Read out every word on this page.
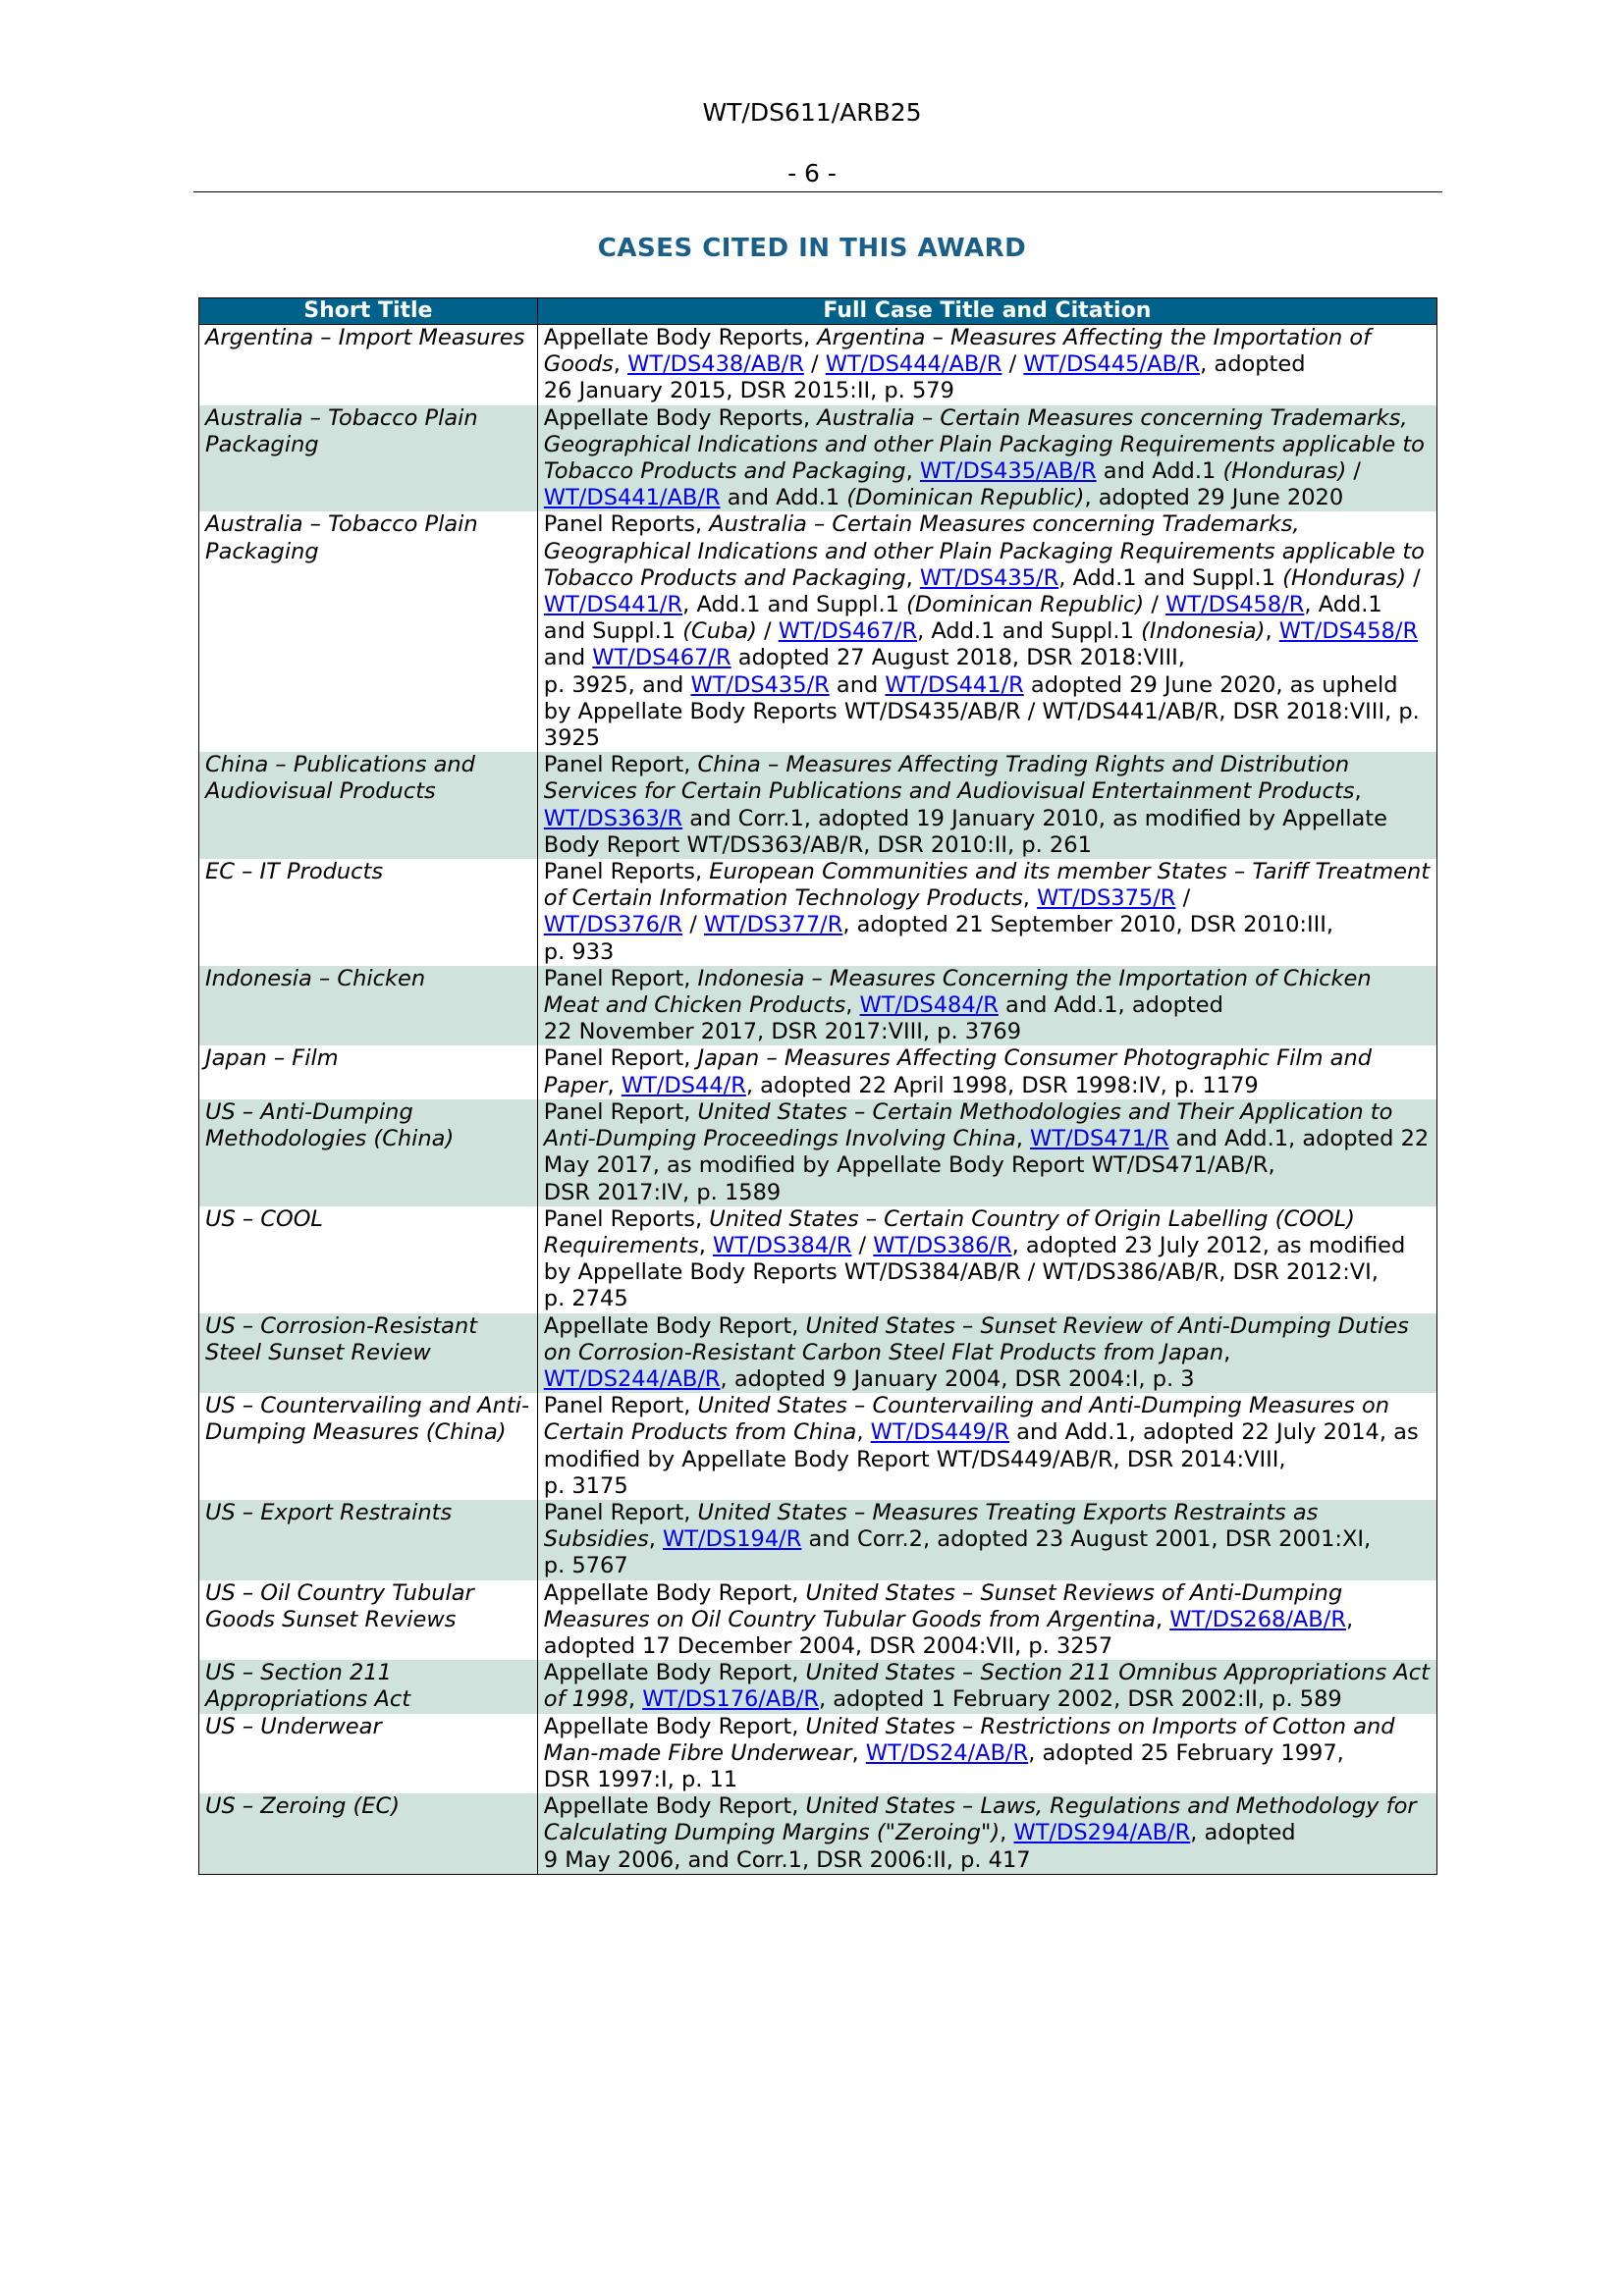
WT/DS611/ARB25
- 6 -
CASES CITED IN THIS AWARD
Short Title	Full Case Title and Citation
Argentina – Import Measures	Appellate Body Reports, Argentina – Measures Affecting the Importation of Goods, WT/DS438/AB/R / WT/DS444/AB/R / WT/DS445/AB/R, adopted
26 January 2015, DSR 2015:II, p. 579
Australia – Tobacco Plain Packaging	Appellate Body Reports, Australia – Certain Measures concerning Trademarks, Geographical Indications and other Plain Packaging Requirements applicable to Tobacco Products and Packaging, WT/DS435/AB/R and Add.1 (Honduras) / WT/DS441/AB/R and Add.1 (Dominican Republic), adopted 29 June 2020
Australia – Tobacco Plain Packaging	Panel Reports, Australia – Certain Measures concerning Trademarks, Geographical Indications and other Plain Packaging Requirements applicable to Tobacco Products and Packaging, WT/DS435/R, Add.1 and Suppl.1 (Honduras) / WT/DS441/R, Add.1 and Suppl.1 (Dominican Republic) / WT/DS458/R, Add.1 and Suppl.1 (Cuba) / WT/DS467/R, Add.1 and Suppl.1 (Indonesia), WT/DS458/R and WT/DS467/R adopted 27 August 2018, DSR 2018:VIII,
p. 3925, and WT/DS435/R and WT/DS441/R adopted 29 June 2020, as upheld by Appellate Body Reports WT/DS435/AB/R / WT/DS441/AB/R, DSR 2018:VIII, p. 3925
China – Publications and Audiovisual Products	Panel Report, China – Measures Affecting Trading Rights and Distribution Services for Certain Publications and Audiovisual Entertainment Products, WT/DS363/R and Corr.1, adopted 19 January 2010, as modified by Appellate Body Report WT/DS363/AB/R, DSR 2010:II, p. 261
EC – IT Products	Panel Reports, European Communities and its member States – Tariff Treatment of Certain Information Technology Products, WT/DS375/R /
WT/DS376/R / WT/DS377/R, adopted 21 September 2010, DSR 2010:III,
p. 933
Indonesia – Chicken	Panel Report, Indonesia – Measures Concerning the Importation of Chicken Meat and Chicken Products, WT/DS484/R and Add.1, adopted
22 November 2017, DSR 2017:VIII, p. 3769
Japan – Film	Panel Report, Japan – Measures Affecting Consumer Photographic Film and Paper, WT/DS44/R, adopted 22 April 1998, DSR 1998:IV, p. 1179
US – Anti-Dumping Methodologies (China)	Panel Report, United States – Certain Methodologies and Their Application to Anti-Dumping Proceedings Involving China, WT/DS471/R and Add.1, adopted 22 May 2017, as modified by Appellate Body Report WT/DS471/AB/R,
DSR 2017:IV, p. 1589
US – COOL	Panel Reports, United States – Certain Country of Origin Labelling (COOL) Requirements, WT/DS384/R / WT/DS386/R, adopted 23 July 2012, as modified by Appellate Body Reports WT/DS384/AB/R / WT/DS386/AB/R, DSR 2012:VI,
p. 2745
US – Corrosion-Resistant Steel Sunset Review	Appellate Body Report, United States – Sunset Review of Anti-Dumping Duties on Corrosion-Resistant Carbon Steel Flat Products from Japan,
WT/DS244/AB/R, adopted 9 January 2004, DSR 2004:I, p. 3
US – Countervailing and Anti-Dumping Measures (China)	Panel Report, United States – Countervailing and Anti-Dumping Measures on Certain Products from China, WT/DS449/R and Add.1, adopted 22 July 2014, as modified by Appellate Body Report WT/DS449/AB/R, DSR 2014:VIII,
p. 3175
US – Export Restraints	Panel Report, United States – Measures Treating Exports Restraints as Subsidies, WT/DS194/R and Corr.2, adopted 23 August 2001, DSR 2001:XI,
p. 5767
US – Oil Country Tubular Goods Sunset Reviews	Appellate Body Report, United States – Sunset Reviews of Anti-Dumping Measures on Oil Country Tubular Goods from Argentina, WT/DS268/AB/R,
adopted 17 December 2004, DSR 2004:VII, p. 3257
US – Section 211 Appropriations Act	Appellate Body Report, United States – Section 211 Omnibus Appropriations Act of 1998, WT/DS176/AB/R, adopted 1 February 2002, DSR 2002:II, p. 589
US – Underwear	Appellate Body Report, United States – Restrictions on Imports of Cotton and Man-made Fibre Underwear, WT/DS24/AB/R, adopted 25 February 1997,
DSR 1997:I, p. 11
US – Zeroing (EC)	Appellate Body Report, United States – Laws, Regulations and Methodology for Calculating Dumping Margins ("Zeroing"), WT/DS294/AB/R, adopted
9 May 2006, and Corr.1, DSR 2006:II, p. 417
